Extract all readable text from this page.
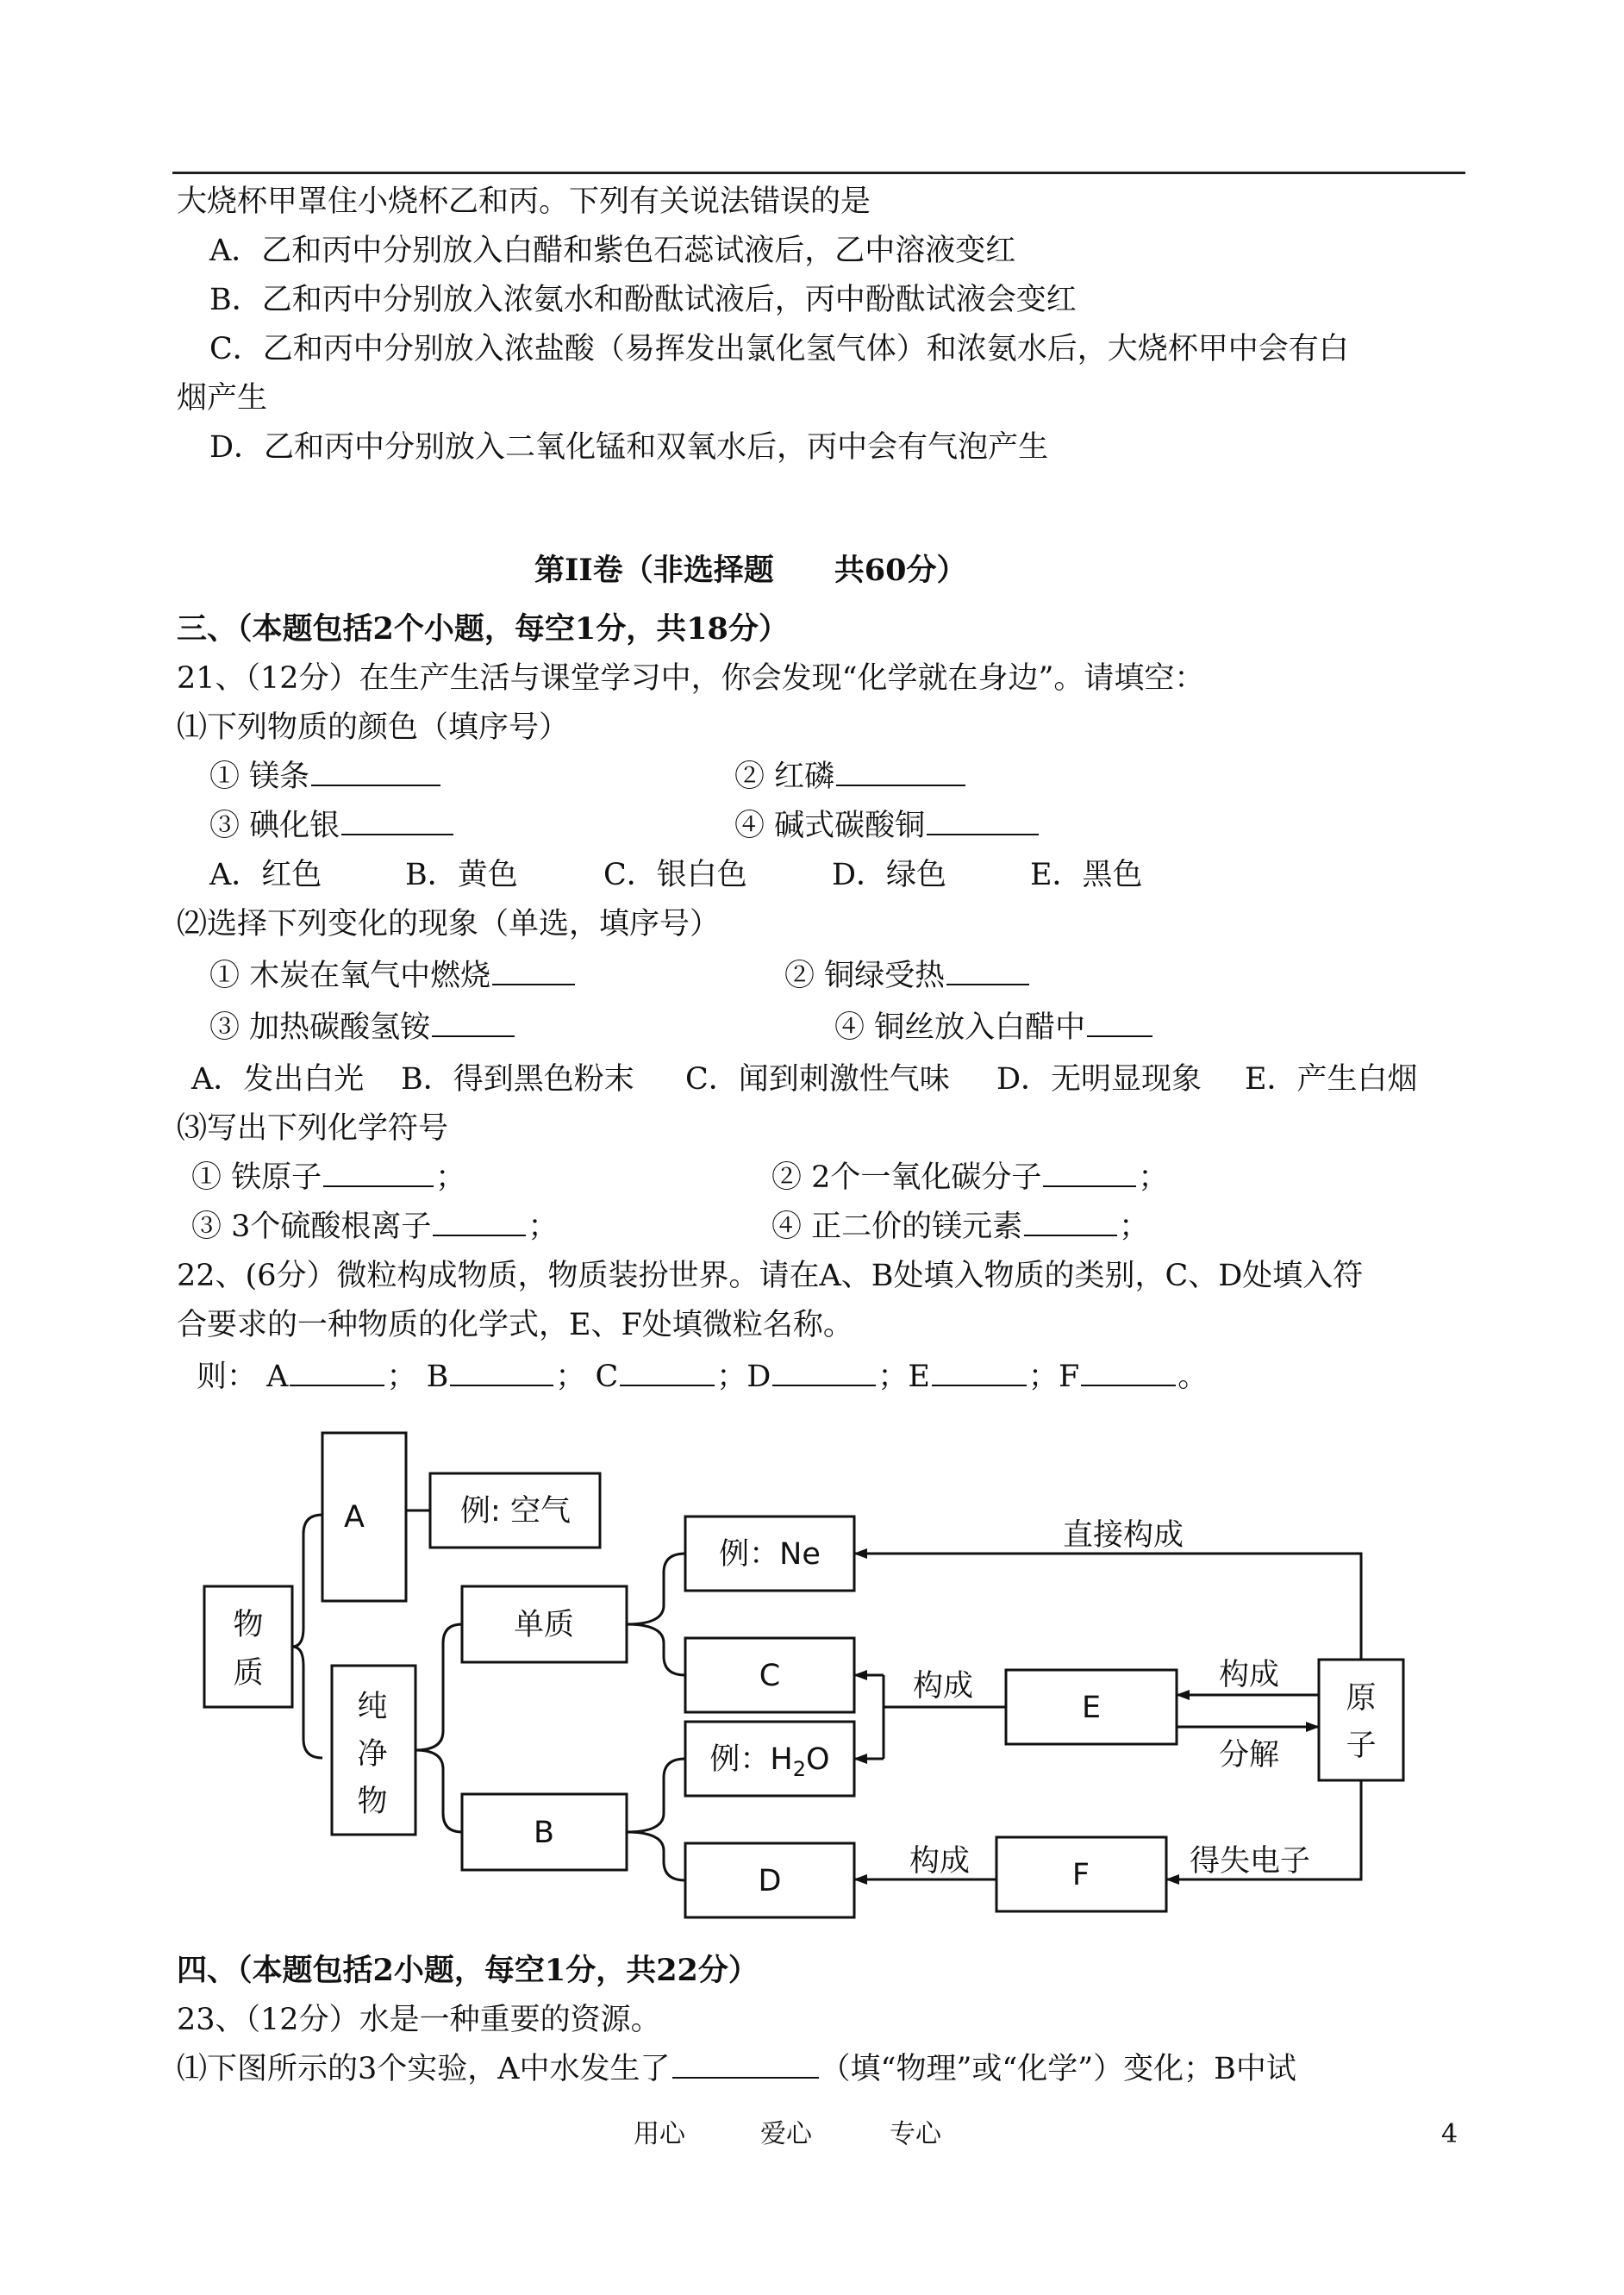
大烧杯甲罩住小烧杯乙和丙。下列有关说法错误的是
A．乙和丙中分别放入白醋和紫色石蕊试液后，乙中溶液变红
B．乙和丙中分别放入浓氨水和酚酞试液后，丙中酚酞试液会变红
C．乙和丙中分别放入浓盐酸（易挥发出氯化氢气体）和浓氨水后，大烧杯甲中会有白
烟产生
D．乙和丙中分别放入二氧化锰和双氧水后，丙中会有气泡产生
第II卷（非选择题　　共60分）
三、（本题包括2个小题，每空1分，共18分）
21、（12分）在生产生活与课堂学习中，你会发现“化学就在身边”。请填空：
⑴下列物质的颜色（填序号）
① 镁条	② 红磷
③ 碘化银	④ 碱式碳酸铜
A．红色	B．黄色	C．银白色	D．绿色	E．黑色
⑵选择下列变化的现象（单选，填序号）
① 木炭在氧气中燃烧	② 铜绿受热
③ 加热碳酸氢铵	④ 铜丝放入白醋中
A．发出白光 B．得到黑色粉末 C．闻到刺激性气味 D．无明显现象 E．产生白烟
⑶写出下列化学符号
① 铁原子	；	② 2个一氧化碳分子	；
③ 3个硫酸根离子	；	④ 正二价的镁元素	；
22、(6分）微粒构成物质，物质装扮世界。请在A、B处填入物质的类别，C、D处填入符
合要求的一种物质的化学式，E、F处填微粒名称。
则： A	； B	； C	；D	；E	；F	。
物
质
A	例: 空气
纯
净
物
单质
B
例：Ne
C
例：$H_2O$
D
E
F
原
子
直接构成
构成	构成
分解
构成	得失电子
四、（本题包括2小题，每空1分，共22分）
23、（12分）水是一种重要的资源。
⑴下图所示的3个实验，A中水发生了	（填“物理”或“化学”）变化；B中试
用心	爱心	专心	4
